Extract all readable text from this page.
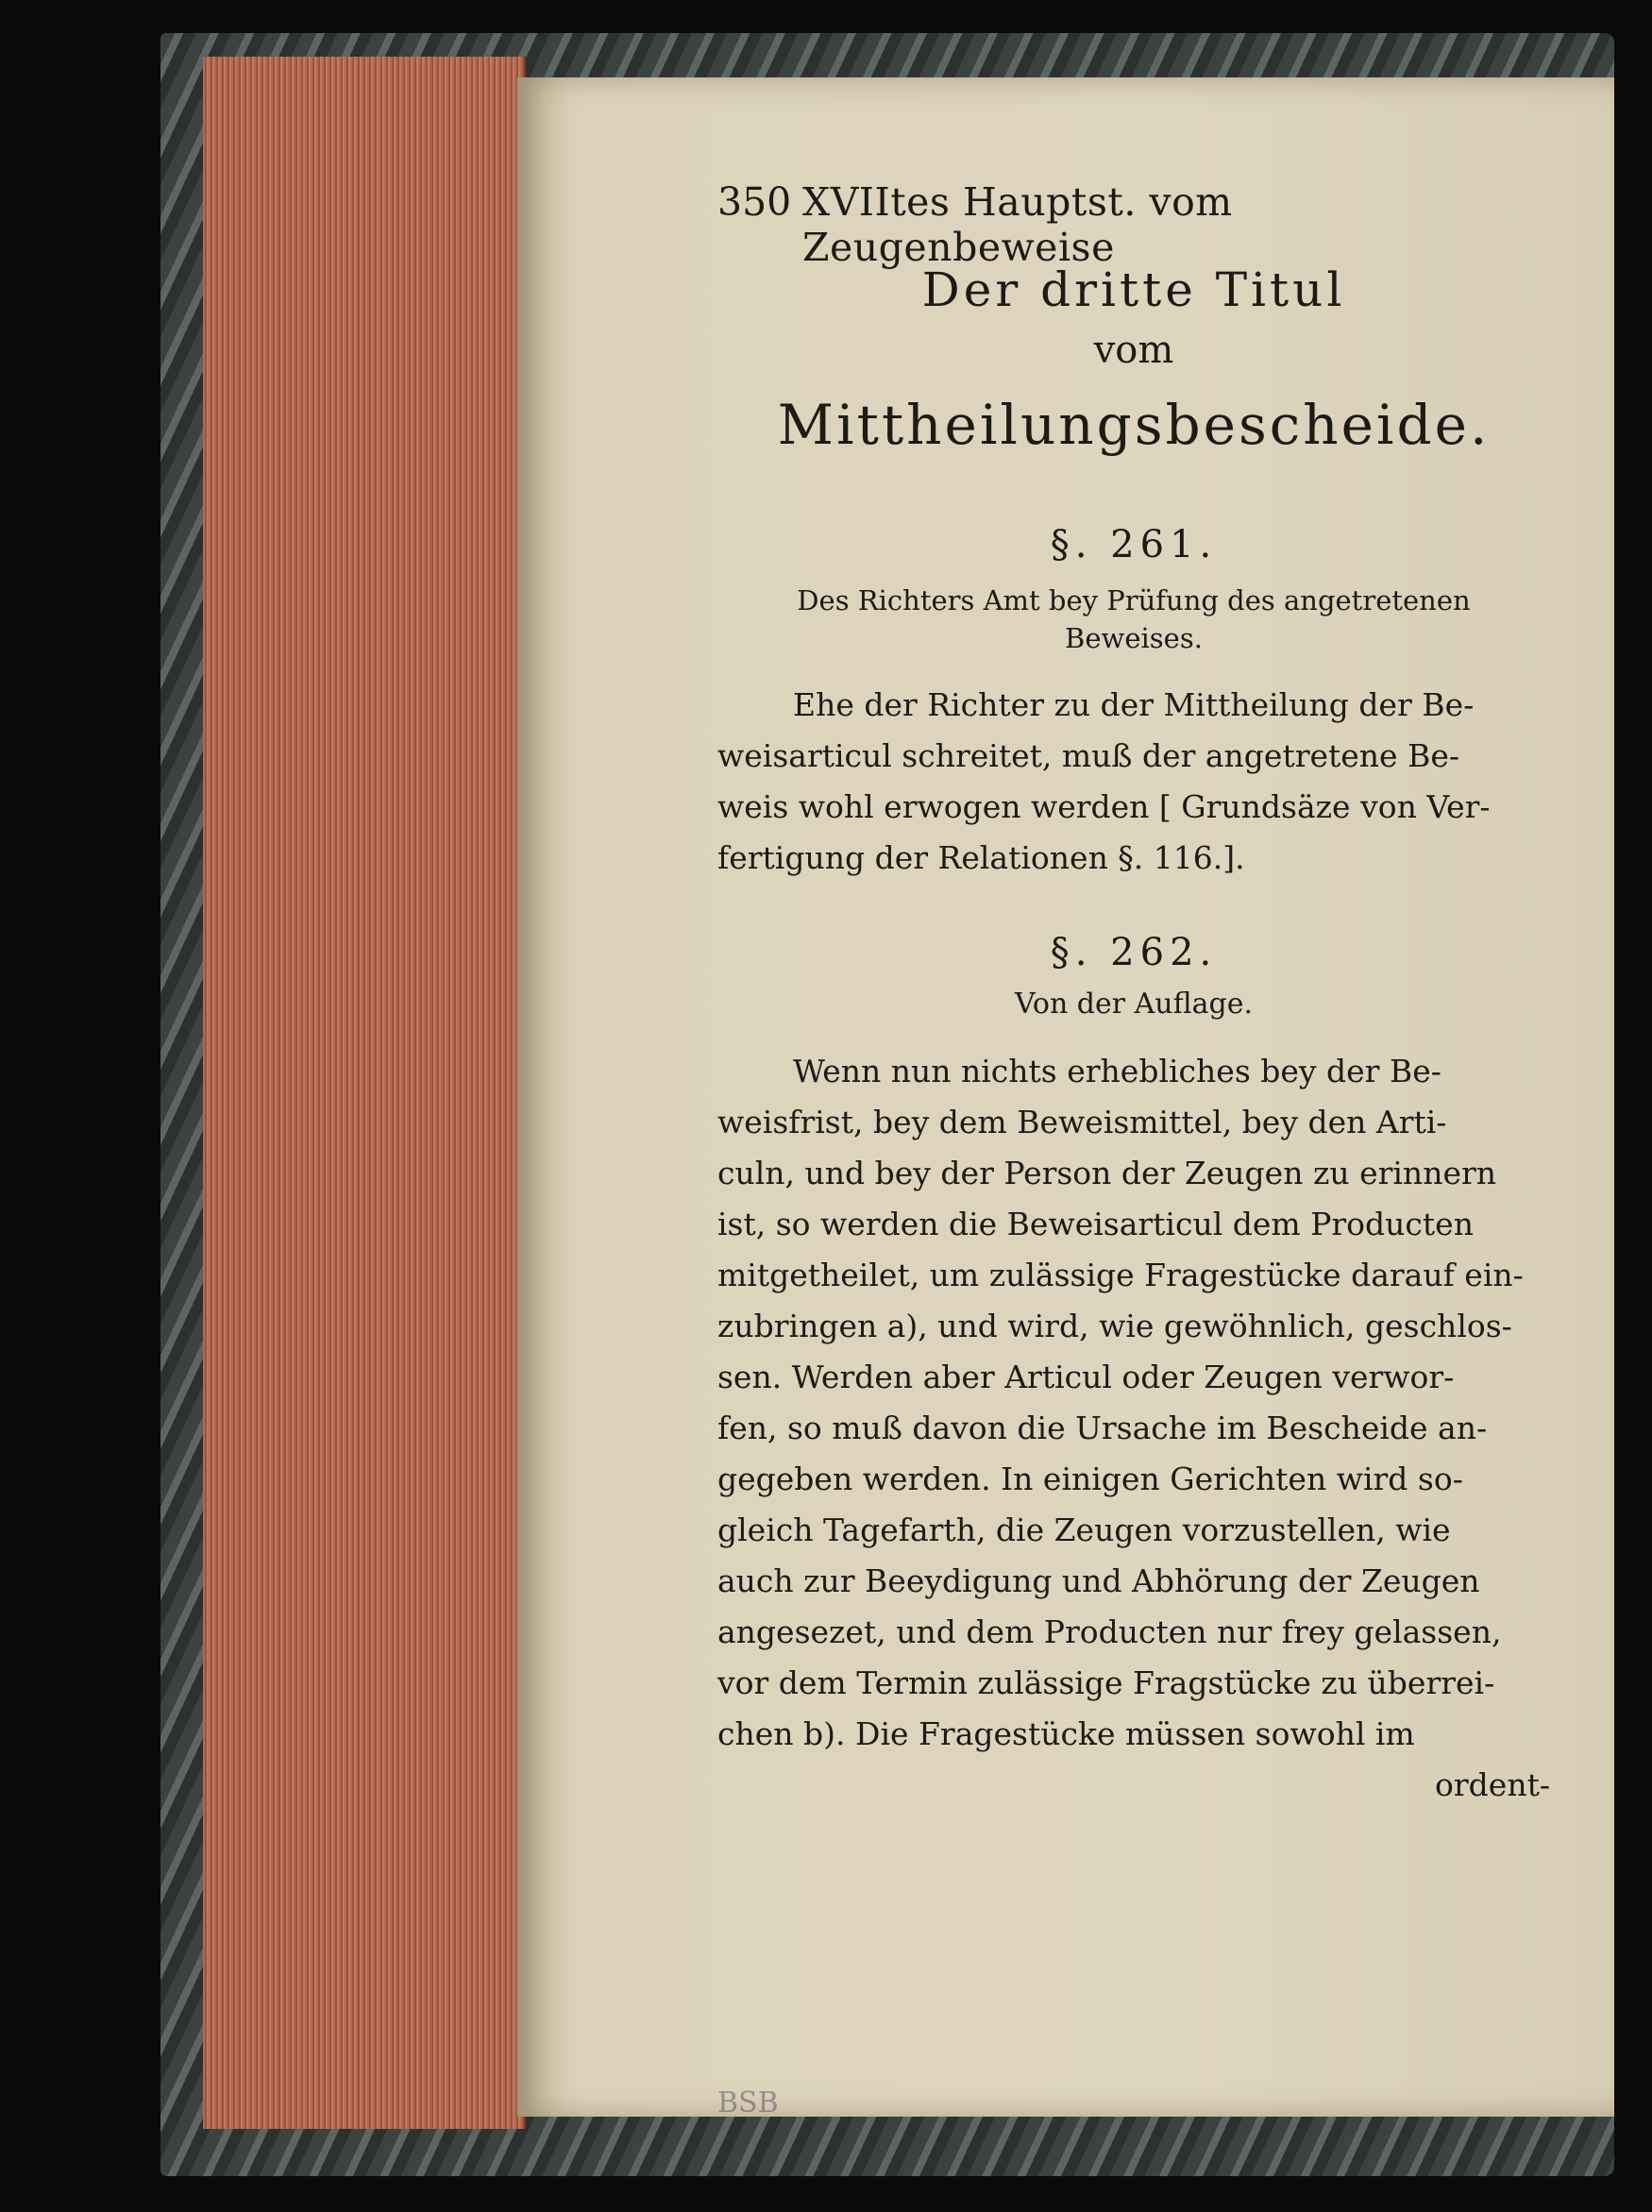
350 XVIItes Hauptst. vom Zeugenbeweise
Der dritte Titul
vom
Mittheilungsbescheide.
§. 261.
Des Richters Amt bey Prüfung des angetretenen
Beweises.
Ehe der Richter zu der Mittheilung der Be-
weisarticul schreitet, muß der angetretene Be-
weis wohl erwogen werden [ Grundsäze von Ver-
fertigung der Relationen §. 116.].
§. 262.
Von der Auflage.
Wenn nun nichts erhebliches bey der Be-
weisfrist, bey dem Beweismittel, bey den Arti-
culn, und bey der Person der Zeugen zu erinnern
ist, so werden die Beweisarticul dem Producten
mitgetheilet, um zulässige Fragestücke darauf ein-
zubringen a), und wird, wie gewöhnlich, geschlos-
sen. Werden aber Articul oder Zeugen verwor-
fen, so muß davon die Ursache im Bescheide an-
gegeben werden. In einigen Gerichten wird so-
gleich Tagefarth, die Zeugen vorzustellen, wie
auch zur Beeydigung und Abhörung der Zeugen
angesezet, und dem Producten nur frey gelassen,
vor dem Termin zulässige Fragstücke zu überrei-
chen b). Die Fragestücke müssen sowohl im
ordent-
BSB
